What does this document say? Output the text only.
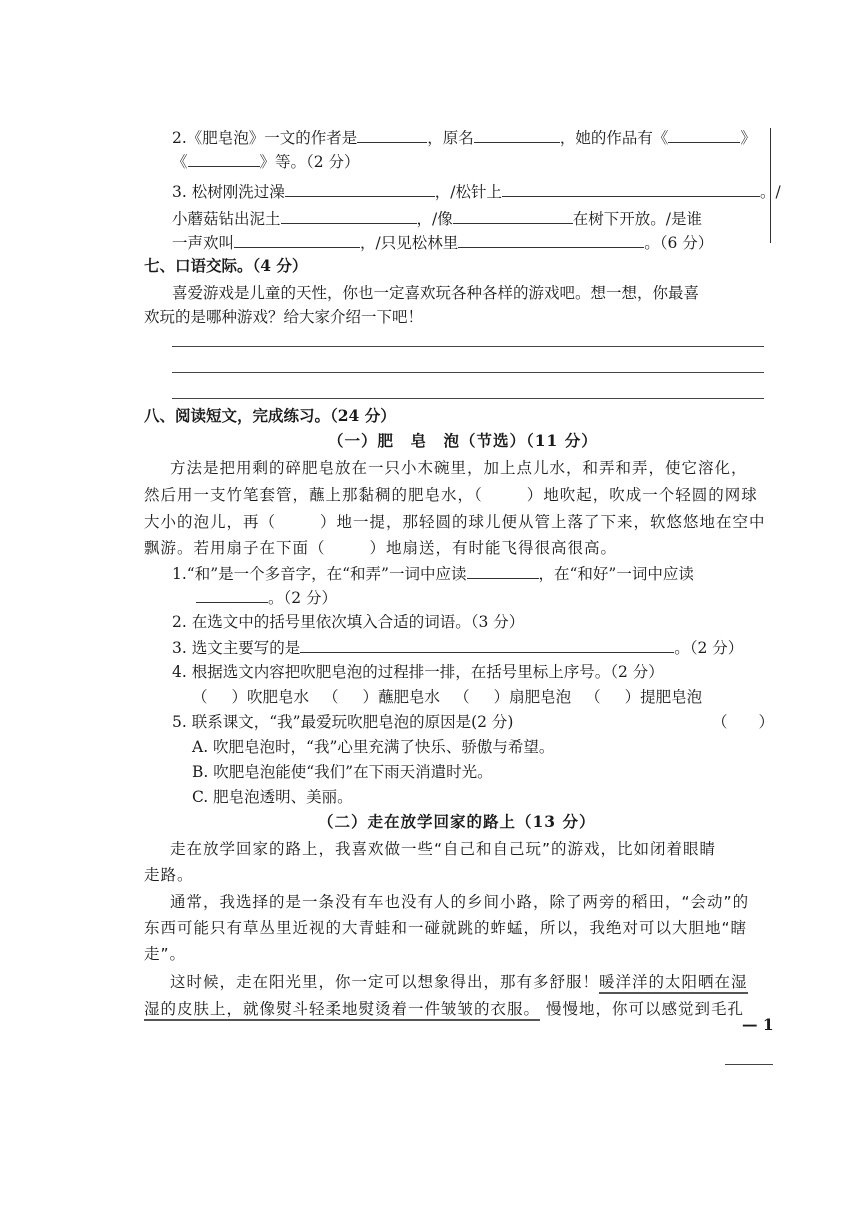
2.《肥皂泡》一文的作者是	，原名	，她的作品有《	》
《	》等。（2 分）
3. 松树刚洗过澡	，/松针上	。/
小蘑菇钻出泥土	，/像	在树下开放。/是谁
一声欢叫	，/只见松林里	。（6 分）
七、口语交际。（4 分）
喜爱游戏是儿童的天性，你也一定喜欢玩各种各样的游戏吧。想一想，你最喜
欢玩的是哪种游戏？给大家介绍一下吧！
八、阅读短文，完成练习。（24 分）
（一）肥　皂　泡（节选）（11 分）
方法是把用剩的碎肥皂放在一只小木碗里，加上点儿水，和弄和弄，使它溶化，
然后用一支竹笔套管，蘸上那黏稠的肥皂水，（	）地吹起，吹成一个轻圆的网球
大小的泡儿，再（	）地一提，那轻圆的球儿便从管上落了下来，软悠悠地在空中
飘游。若用扇子在下面（	）地扇送，有时能飞得很高很高。
1.“和”是一个多音字，在“和弄”一词中应读	，在“和好”一词中应读
。（2 分）
2. 在选文中的括号里依次填入合适的词语。（3 分）
3. 选文主要写的是	。（2 分）
4. 根据选文内容把吹肥皂泡的过程排一排，在括号里标上序号。（2 分）
（ ）吹肥皂水 （ ）蘸肥皂水 （ ）扇肥皂泡 （ ）提肥皂泡
5. 联系课文，“我”最爱玩吹肥皂泡的原因是(2 分)	（　　）
A. 吹肥皂泡时，“我”心里充满了快乐、骄傲与希望。
B. 吹肥皂泡能使“我们”在下雨天消遣时光。
C. 肥皂泡透明、美丽。
（二）走在放学回家的路上（13 分）
走在放学回家的路上，我喜欢做一些“自己和自己玩”的游戏，比如闭着眼睛
走路。
通常，我选择的是一条没有车也没有人的乡间小路，除了两旁的稻田，“会动”的
东西可能只有草丛里近视的大青蛙和一碰就跳的蚱蜢，所以，我绝对可以大胆地“瞎
走”。
这时候，走在阳光里，你一定可以想象得出，那有多舒服！暖洋洋的太阳晒在湿
湿的皮肤上，就像熨斗轻柔地熨烫着一件皱皱的衣服。 慢慢地，你可以感觉到毛孔
— 1
